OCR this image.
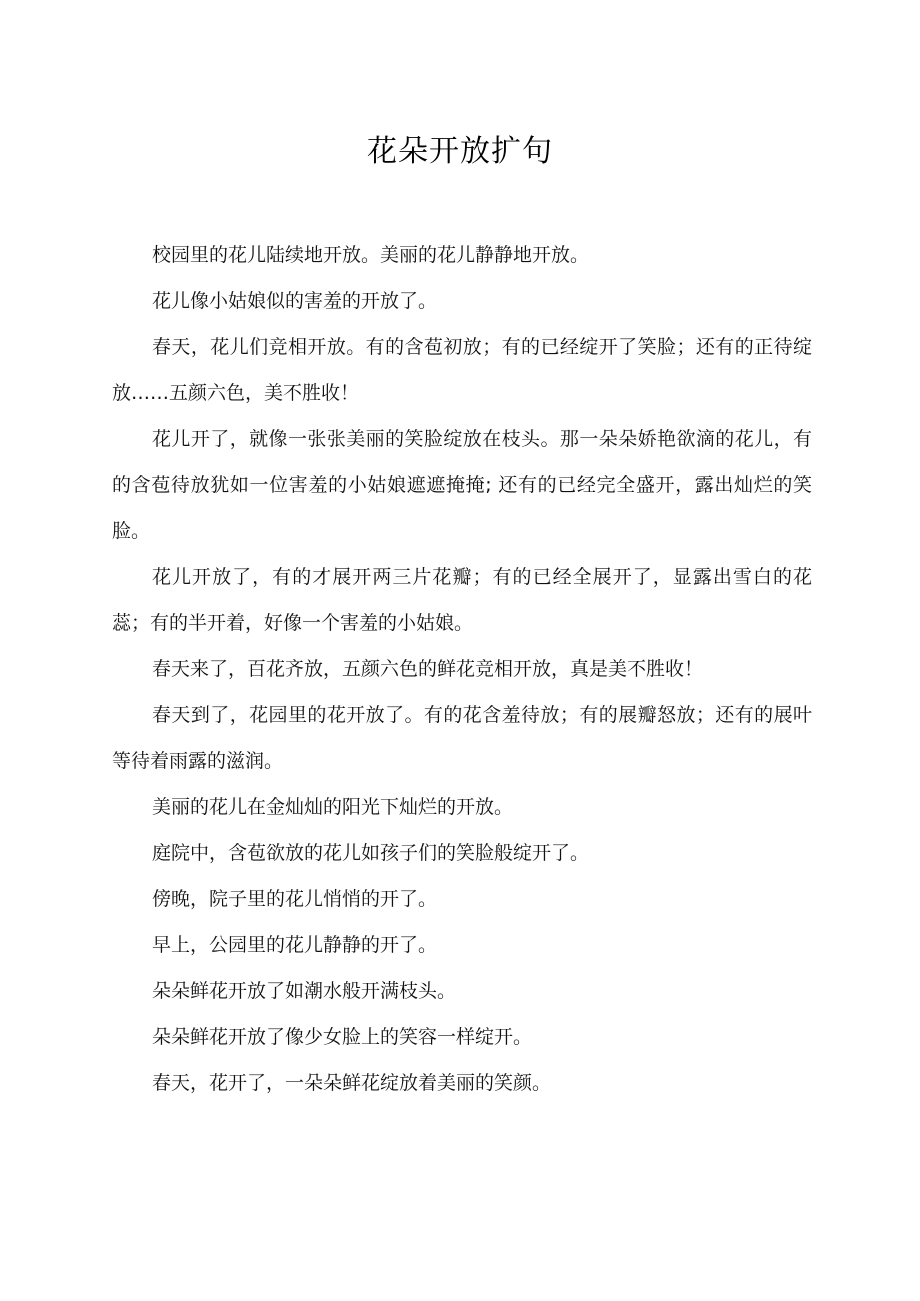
花朵开放扩句

校园里的花儿陆续地开放。美丽的花儿静静地开放。

花儿像小姑娘似的害羞的开放了。

春天，花儿们竞相开放。有的含苞初放；有的已经绽开了笑脸；还有的正待绽放……五颜六色，美不胜收！

花儿开了，就像一张张美丽的笑脸绽放在枝头。那一朵朵娇艳欲滴的花儿，有的含苞待放犹如一位害羞的小姑娘遮遮掩掩; 还有的已经完全盛开，露出灿烂的笑脸。

花儿开放了，有的才展开两三片花瓣；有的已经全展开了，显露出雪白的花蕊；有的半开着，好像一个害羞的小姑娘。

春天来了，百花齐放，五颜六色的鲜花竞相开放，真是美不胜收！

春天到了，花园里的花开放了。有的花含羞待放；有的展瓣怒放；还有的展叶等待着雨露的滋润。

美丽的花儿在金灿灿的阳光下灿烂的开放。

庭院中，含苞欲放的花儿如孩子们的笑脸般绽开了。

傍晚，院子里的花儿悄悄的开了。

早上，公园里的花儿静静的开了。

朵朵鲜花开放了如潮水般开满枝头。

朵朵鲜花开放了像少女脸上的笑容一样绽开。

春天，花开了，一朵朵鲜花绽放着美丽的笑颜。
